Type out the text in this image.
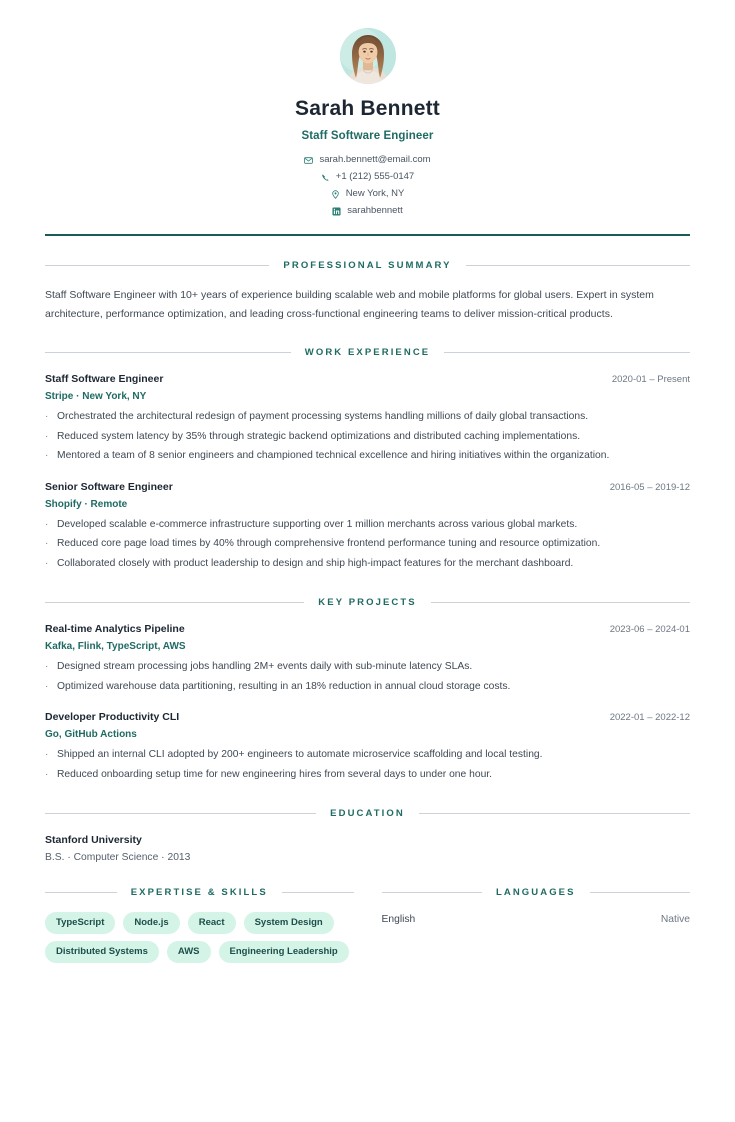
Sarah Bennett
Staff Software Engineer
sarah.bennett@email.com
+1 (212) 555-0147
New York, NY
sarahbennett
PROFESSIONAL SUMMARY
Staff Software Engineer with 10+ years of experience building scalable web and mobile platforms for global users. Expert in system architecture, performance optimization, and leading cross-functional engineering teams to deliver mission-critical products.
WORK EXPERIENCE
Staff Software Engineer	2020-01 – Present
Stripe · New York, NY
· Orchestrated the architectural redesign of payment processing systems handling millions of daily global transactions.
· Reduced system latency by 35% through strategic backend optimizations and distributed caching implementations.
· Mentored a team of 8 senior engineers and championed technical excellence and hiring initiatives within the organization.
Senior Software Engineer	2016-05 – 2019-12
Shopify · Remote
· Developed scalable e-commerce infrastructure supporting over 1 million merchants across various global markets.
· Reduced core page load times by 40% through comprehensive frontend performance tuning and resource optimization.
· Collaborated closely with product leadership to design and ship high-impact features for the merchant dashboard.
KEY PROJECTS
Real-time Analytics Pipeline	2023-06 – 2024-01
Kafka, Flink, TypeScript, AWS
· Designed stream processing jobs handling 2M+ events daily with sub-minute latency SLAs.
· Optimized warehouse data partitioning, resulting in an 18% reduction in annual cloud storage costs.
Developer Productivity CLI	2022-01 – 2022-12
Go, GitHub Actions
· Shipped an internal CLI adopted by 200+ engineers to automate microservice scaffolding and local testing.
· Reduced onboarding setup time for new engineering hires from several days to under one hour.
EDUCATION
Stanford University
B.S. · Computer Science · 2013
EXPERTISE & SKILLS
TypeScript	Node.js	React	System Design
Distributed Systems	AWS	Engineering Leadership
LANGUAGES
English	Native
